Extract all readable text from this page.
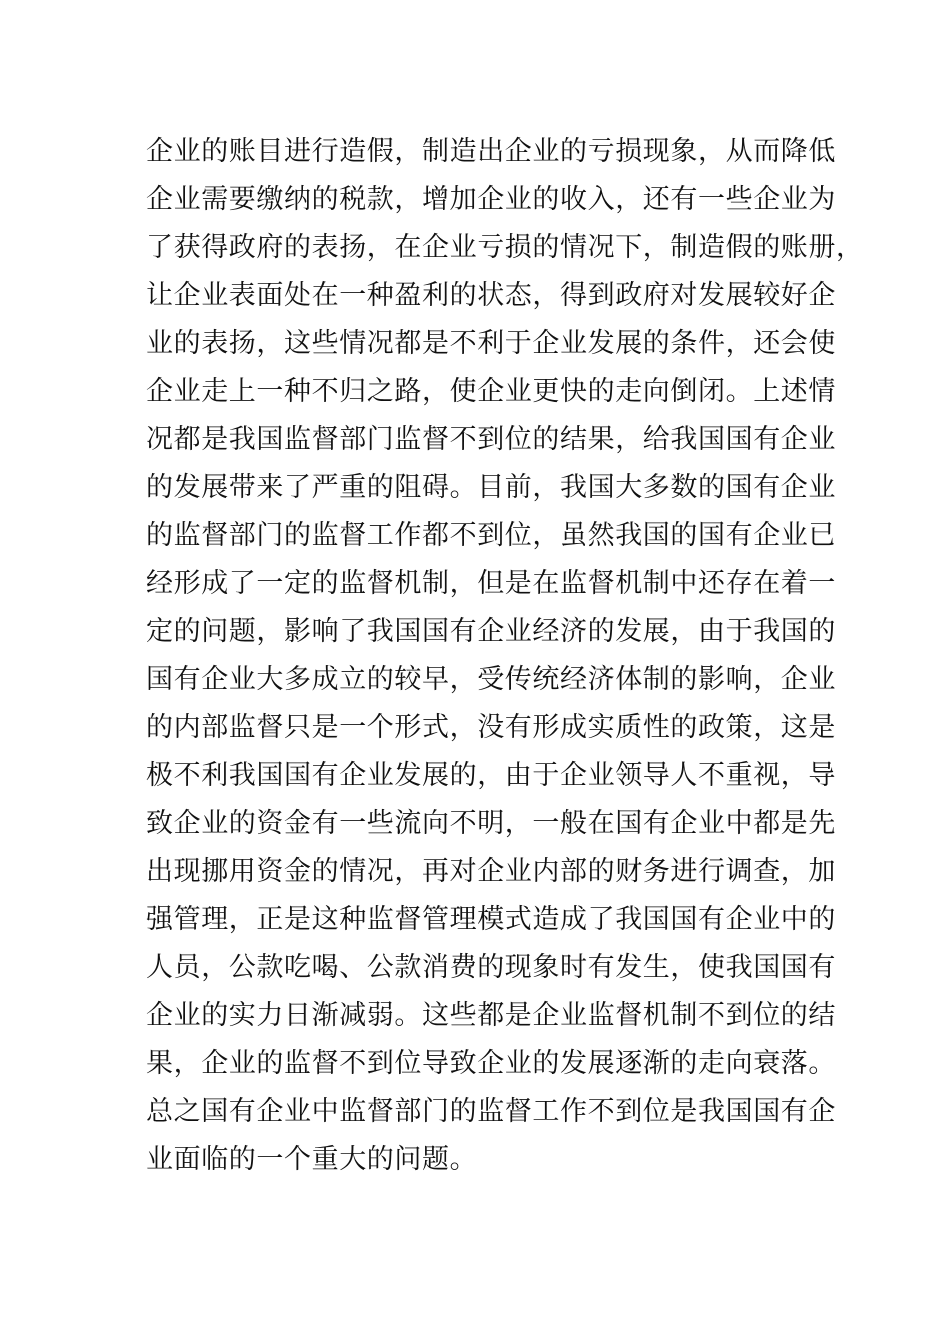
企业的账目进行造假，制造出企业的亏损现象，从而降低
企业需要缴纳的税款，增加企业的收入，还有一些企业为
了获得政府的表扬，在企业亏损的情况下，制造假的账册，
让企业表面处在一种盈利的状态，得到政府对发展较好企
业的表扬，这些情况都是不利于企业发展的条件，还会使
企业走上一种不归之路，使企业更快的走向倒闭。上述情
况都是我国监督部门监督不到位的结果，给我国国有企业
的发展带来了严重的阻碍。目前，我国大多数的国有企业
的监督部门的监督工作都不到位，虽然我国的国有企业已
经形成了一定的监督机制，但是在监督机制中还存在着一
定的问题，影响了我国国有企业经济的发展，由于我国的
国有企业大多成立的较早，受传统经济体制的影响，企业
的内部监督只是一个形式，没有形成实质性的政策，这是
极不利我国国有企业发展的，由于企业领导人不重视，导
致企业的资金有一些流向不明，一般在国有企业中都是先
出现挪用资金的情况，再对企业内部的财务进行调查，加
强管理，正是这种监督管理模式造成了我国国有企业中的
人员，公款吃喝、公款消费的现象时有发生，使我国国有
企业的实力日渐减弱。这些都是企业监督机制不到位的结
果，企业的监督不到位导致企业的发展逐渐的走向衰落。
总之国有企业中监督部门的监督工作不到位是我国国有企
业面临的一个重大的问题。
